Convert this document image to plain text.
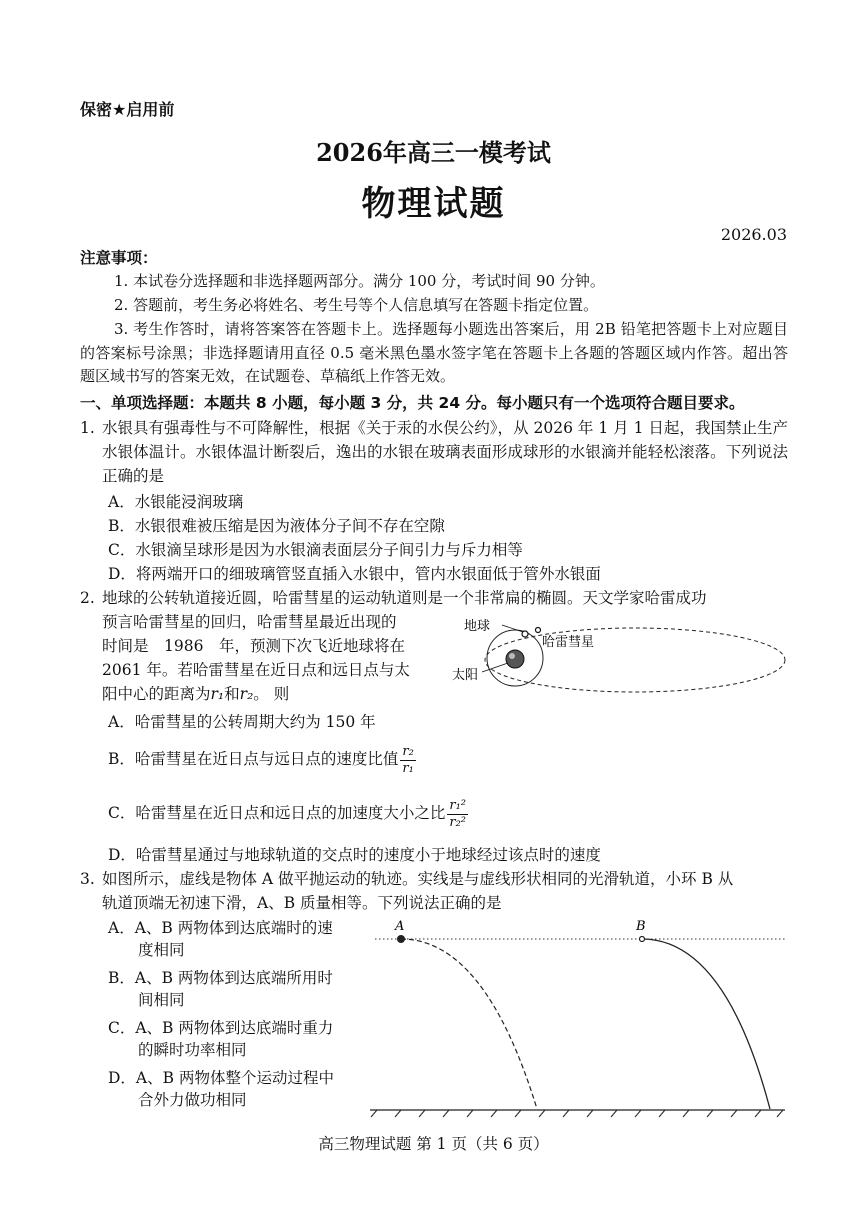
保密★启用前
2026年高三一模考试
物理试题
2026.03
注意事项：
1. 本试卷分选择题和非选择题两部分。满分 100 分，考试时间 90 分钟。
2. 答题前，考生务必将姓名、考生号等个人信息填写在答题卡指定位置。
3. 考生作答时，请将答案答在答题卡上。选择题每小题选出答案后，用 2B 铅笔把答题卡上对应题目的答案标号涂黑；非选择题请用直径 0.5 毫米黑色墨水签字笔在答题卡上各题的答题区域内作答。超出答题区域书写的答案无效，在试题卷、草稿纸上作答无效。
一、单项选择题：本题共 8 小题，每小题 3 分，共 24 分。每小题只有一个选项符合题目要求。
1. 水银具有强毒性与不可降解性，根据《关于汞的水俣公约》，从 2026 年 1 月 1 日起，我国禁止生产水银体温计。水银体温计断裂后，逸出的水银在玻璃表面形成球形的水银滴并能轻松滚落。下列说法正确的是
A．水银能浸润玻璃
B．水银很难被压缩是因为液体分子间不存在空隙
C．水银滴呈球形是因为水银滴表面层分子间引力与斥力相等
D．将两端开口的细玻璃管竖直插入水银中，管内水银面低于管外水银面
2. 地球的公转轨道接近圆，哈雷彗星的运动轨道则是一个非常扁的椭圆。天文学家哈雷成功
预言哈雷彗星的回归，哈雷彗星最近出现的
时间是　1986　年，预测下次飞近地球将在
2061 年。若哈雷彗星在近日点和远日点与太
阳中心的距离为r₁和r₂。 则
地球
哈雷彗星
太阳
A．哈雷彗星的公转周期大约为 150 年
B．哈雷彗星在近日点与远日点的速度比值 $\frac{\text{r₂}}{\text{r₁}}$
C．哈雷彗星在近日点和远日点的加速度大小之比 $\frac{\text{r₁²}}{\text{r₂²}}$
D．哈雷彗星通过与地球轨道的交点时的速度小于地球经过该点时的速度
3. 如图所示，虚线是物体 A 做平抛运动的轨迹。实线是与虚线形状相同的光滑轨道，小环 B 从
轨道顶端无初速下滑，A、B 质量相等。下列说法正确的是
A．A、B 两物体到达底端时的速
度相同
B．A、B 两物体到达底端所用时
间相同
C．A、B 两物体到达底端时重力
的瞬时功率相同
D．A、B 两物体整个运动过程中
合外力做功相同
A	B
高三物理试题 第 1 页（共 6 页）
